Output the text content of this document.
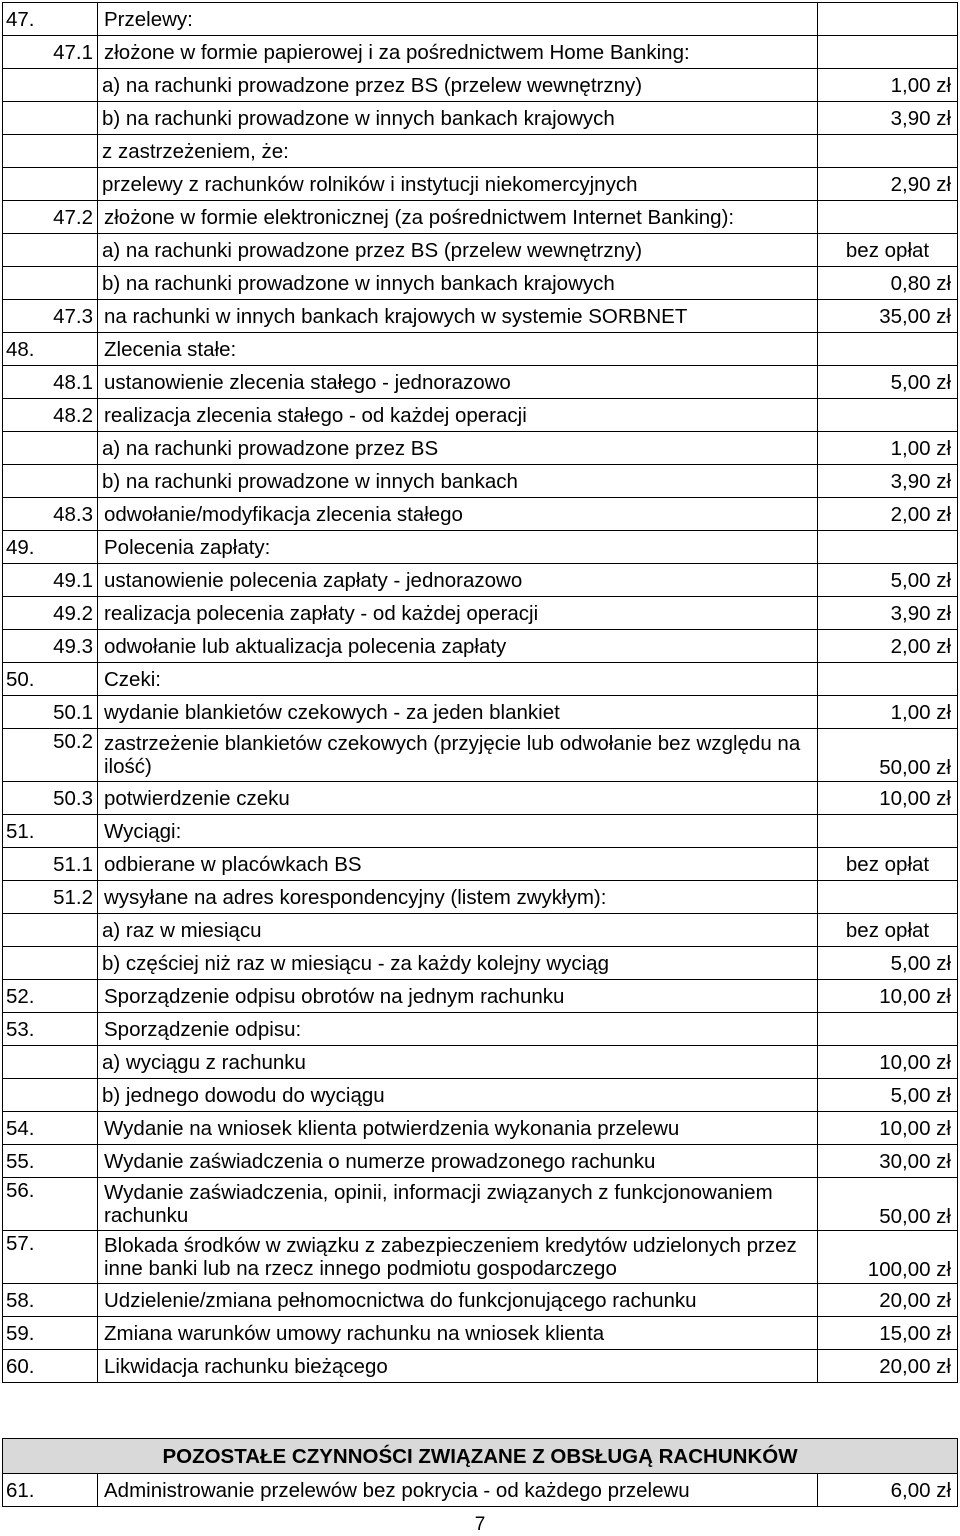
47.	Przelewy:	
47.1	złożone w formie papierowej i za pośrednictwem Home Banking:	
	a) na rachunki prowadzone przez BS (przelew wewnętrzny)	1,00 zł
	b) na rachunki prowadzone w innych bankach krajowych	3,90 zł
	z zastrzeżeniem, że:	
	przelewy z rachunków rolników i instytucji niekomercyjnych	2,90 zł
47.2	złożone w formie elektronicznej (za pośrednictwem Internet Banking):	
	a) na rachunki prowadzone przez BS (przelew wewnętrzny)	bez opłat
	b) na rachunki prowadzone w innych bankach krajowych	0,80 zł
47.3	na rachunki w innych bankach krajowych w systemie SORBNET	35,00 zł
48.	Zlecenia stałe:	
48.1	ustanowienie zlecenia stałego - jednorazowo	5,00 zł
48.2	realizacja zlecenia stałego - od każdej operacji	
	a) na rachunki prowadzone przez BS	1,00 zł
	b) na rachunki prowadzone w innych bankach	3,90 zł
48.3	odwołanie/modyfikacja zlecenia stałego	2,00 zł
49.	Polecenia zapłaty:	
49.1	ustanowienie polecenia zapłaty - jednorazowo	5,00 zł
49.2	realizacja polecenia zapłaty - od każdej operacji	3,90 zł
49.3	odwołanie lub aktualizacja polecenia zapłaty	2,00 zł
50.	Czeki:	
50.1	wydanie blankietów czekowych - za jeden blankiet	1,00 zł
50.2	zastrzeżenie blankietów czekowych (przyjęcie lub odwołanie bez względu na ilość)	50,00 zł
50.3	potwierdzenie czeku	10,00 zł
51.	Wyciągi:	
51.1	odbierane w placówkach BS	bez opłat
51.2	wysyłane na adres korespondencyjny (listem zwykłym):	
	a) raz w miesiącu	bez opłat
	b) częściej niż raz w miesiącu - za każdy kolejny wyciąg	5,00 zł
52.	Sporządzenie odpisu obrotów na jednym rachunku	10,00 zł
53.	Sporządzenie odpisu:	
	a) wyciągu z rachunku	10,00 zł
	b) jednego dowodu do wyciągu	5,00 zł
54.	Wydanie na wniosek klienta potwierdzenia wykonania przelewu	10,00 zł
55.	Wydanie zaświadczenia o numerze prowadzonego rachunku	30,00 zł
56.	Wydanie zaświadczenia, opinii, informacji związanych z funkcjonowaniem rachunku	50,00 zł
57.	Blokada środków w związku z zabezpieczeniem kredytów udzielonych przez inne banki lub na rzecz innego podmiotu gospodarczego	100,00 zł
58.	Udzielenie/zmiana pełnomocnictwa do funkcjonującego rachunku	20,00 zł
59.	Zmiana warunków umowy rachunku na wniosek klienta	15,00 zł
60.	Likwidacja rachunku bieżącego	20,00 zł
POZOSTAŁE CZYNNOŚCI ZWIĄZANE Z OBSŁUGĄ RACHUNKÓW
61.	Administrowanie przelewów bez pokrycia - od każdego przelewu	6,00 zł
7
